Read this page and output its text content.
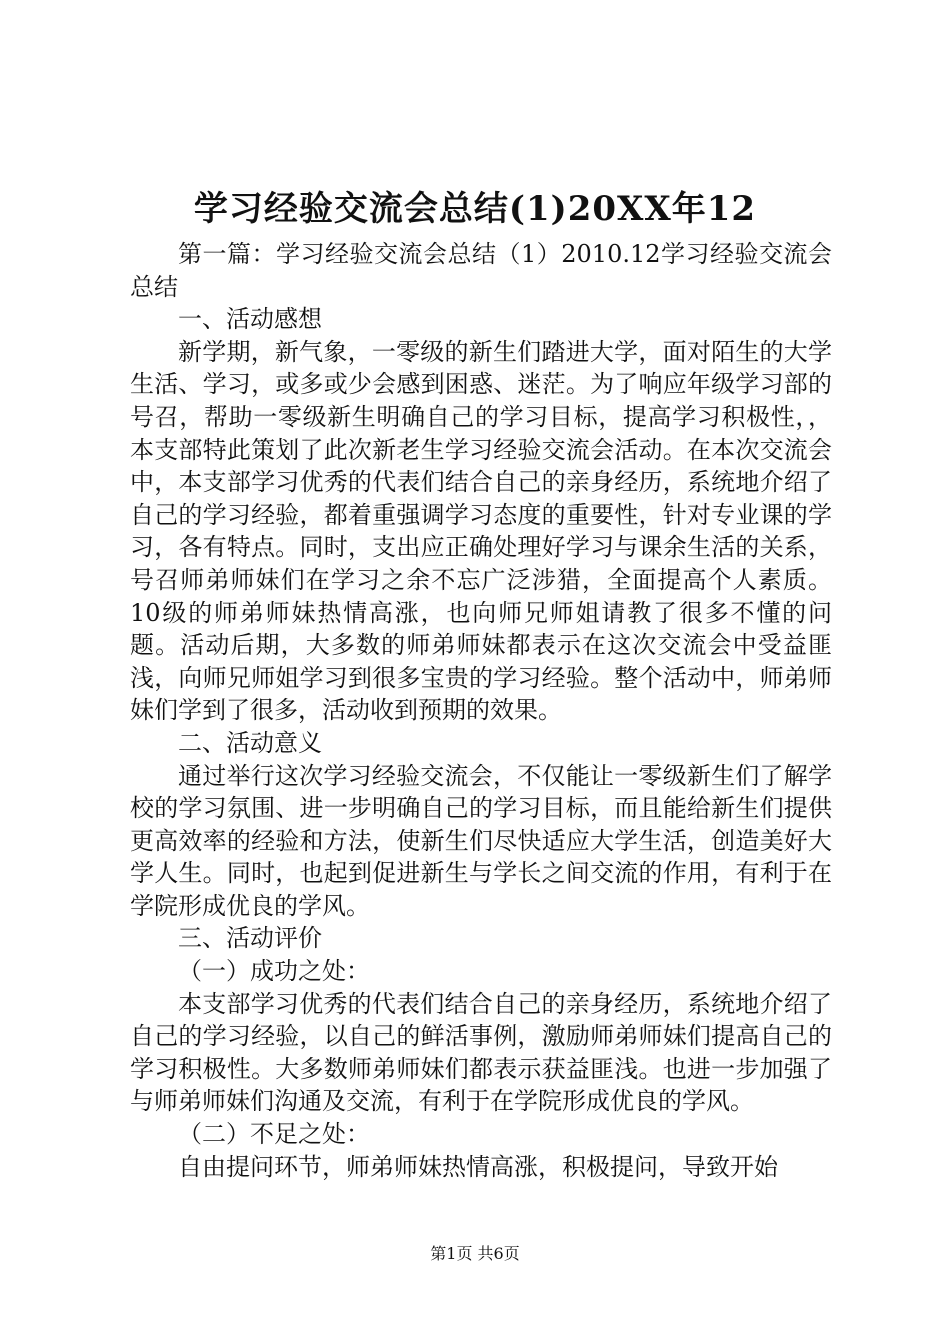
学习经验交流会总结(1)20XX年12

第一篇：学习经验交流会总结（1）2010.12学习经验交流会总结

一、活动感想

新学期，新气象，一零级的新生们踏进大学，面对陌生的大学生活、学习，或多或少会感到困惑、迷茫。为了响应年级学习部的号召，帮助一零级新生明确自己的学习目标，提高学习积极性，，本支部特此策划了此次新老生学习经验交流会活动。在本次交流会中，本支部学习优秀的代表们结合自己的亲身经历，系统地介绍了自己的学习经验，都着重强调学习态度的重要性，针对专业课的学习，各有特点。同时，支出应正确处理好学习与课余生活的关系，号召师弟师妹们在学习之余不忘广泛涉猎，全面提高个人素质。10级的师弟师妹热情高涨，也向师兄师姐请教了很多不懂的问题。活动后期，大多数的师弟师妹都表示在这次交流会中受益匪浅，向师兄师姐学习到很多宝贵的学习经验。整个活动中，师弟师妹们学到了很多，活动收到预期的效果。

二、活动意义

通过举行这次学习经验交流会，不仅能让一零级新生们了解学校的学习氛围、进一步明确自己的学习目标，而且能给新生们提供更高效率的经验和方法，使新生们尽快适应大学生活，创造美好大学人生。同时，也起到促进新生与学长之间交流的作用，有利于在学院形成优良的学风。

三、活动评价

（一）成功之处：

本支部学习优秀的代表们结合自己的亲身经历，系统地介绍了自己的学习经验，以自己的鲜活事例，激励师弟师妹们提高自己的学习积极性。大多数师弟师妹们都表示获益匪浅。也进一步加强了与师弟师妹们沟通及交流，有利于在学院形成优良的学风。

（二）不足之处：

自由提问环节，师弟师妹热情高涨，积极提问，导致开始

第1页 共6页
